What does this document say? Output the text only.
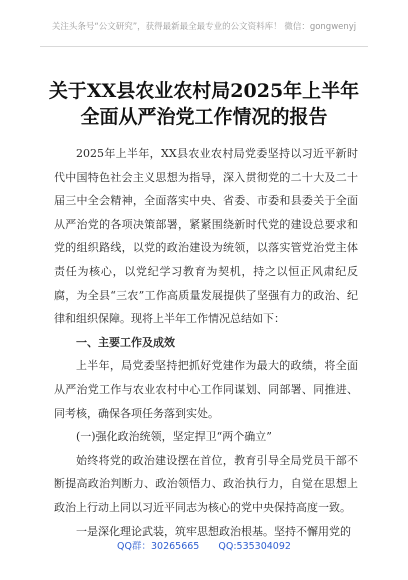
关注头条号“公文研究”，获得最新最全最专业的公文资料库！ 微信：gongwenyj
关于XX县农业农村局2025年上半年
全面从严治党工作情况的报告

2025年上半年，XX县农业农村局党委坚持以习近平新时代中国特色社会主义思想为指导，深入贯彻党的二十大及二十届三中全会精神，全面落实中央、省委、市委和县委关于全面从严治党的各项决策部署，紧紧围绕新时代党的建设总要求和党的组织路线，以党的政治建设为统领，以落实管党治党主体责任为核心，以党纪学习教育为契机，持之以恒正风肃纪反腐，为全县“三农”工作高质量发展提供了坚强有力的政治、纪律和组织保障。现将上半年工作情况总结如下：

一、主要工作及成效

上半年，局党委坚持把抓好党建作为最大的政绩，将全面从严治党工作与农业农村中心工作同谋划、同部署、同推进、同考核，确保各项任务落到实处。

(一)强化政治统领，坚定捍卫“两个确立”

始终将党的政治建设摆在首位，教育引导全局党员干部不断提高政治判断力、政治领悟力、政治执行力，自觉在思想上政治上行动上同以习近平同志为核心的党中央保持高度一致。

一是深化理论武装，筑牢思想政治根基。坚持不懈用党的

QQ群：30265665 QQ:535304092
